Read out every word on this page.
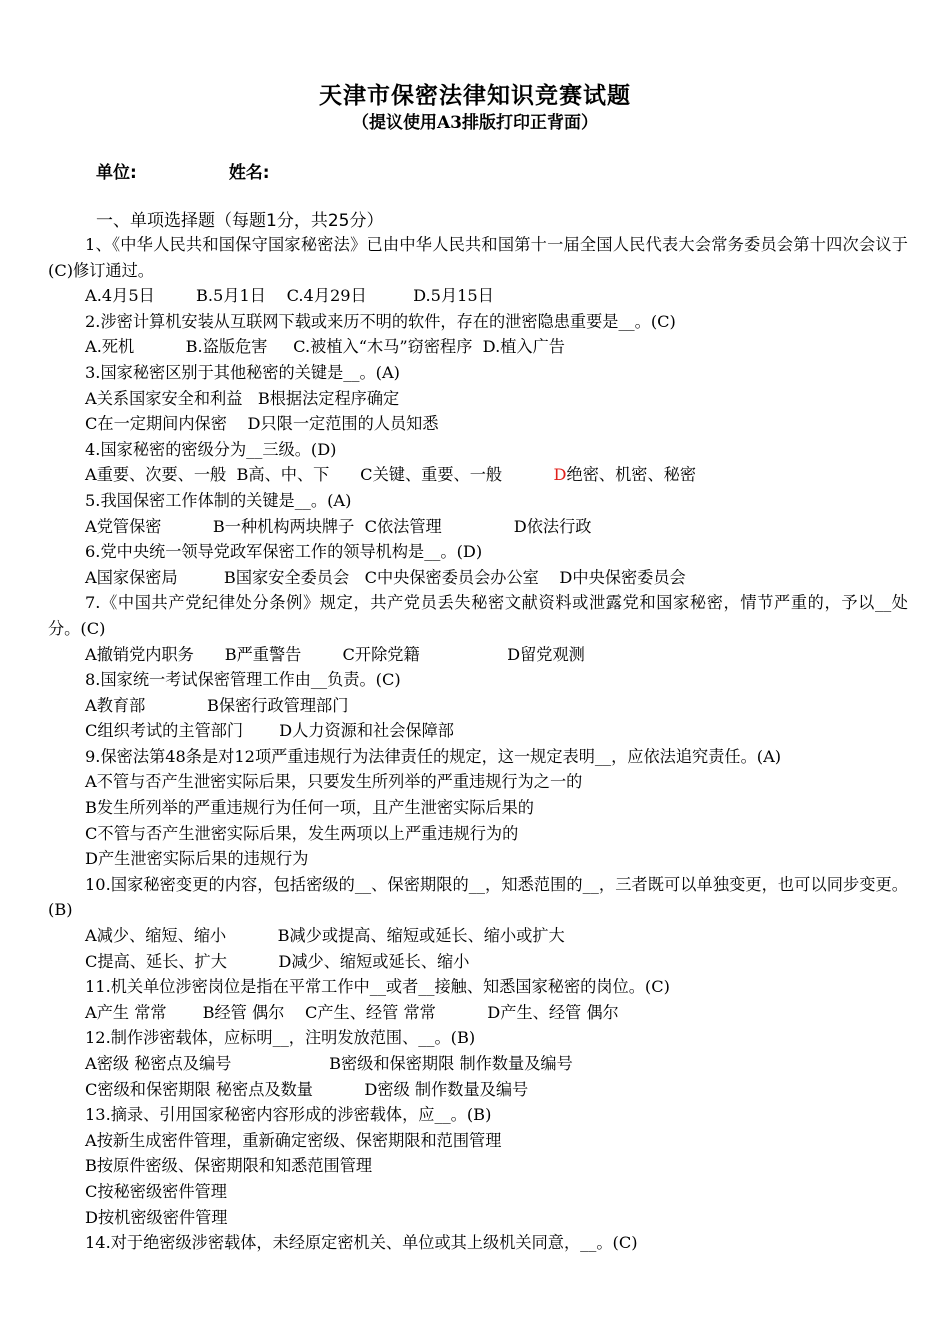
天津市保密法律知识竞赛试题
（提议使用A3排版打印正背面）
单位:	姓名:
一、单项选择题（每题1分，共25分）

1、《中华人民共和国保守国家秘密法》已由中华人民共和国第十一届全国人民代表大会常务委员会第十四次会议于(C)修订通过。

A.4月5日        B.5月1日    C.4月29日         D.5月15日

2.涉密计算机安装从互联网下载或来历不明的软件，存在的泄密隐患重要是__。(C)

A.死机          B.盗版危害     C.被植入“木马”窃密程序  D.植入广告

3.国家秘密区别于其他秘密的关键是__。(A)

A关系国家安全和利益   B根据法定程序确定

C在一定期间内保密    D只限一定范围的人员知悉

4.国家秘密的密级分为__三级。(D)

A重要、次要、一般  B高、中、下      C关键、重要、一般          D绝密、机密、秘密

5.我国保密工作体制的关键是__。(A)

A党管保密          B一种机构两块牌子  C依法管理              D依法行政

6.党中央统一领导党政军保密工作的领导机构是__。(D)

A国家保密局         B国家安全委员会   C中央保密委员会办公室    D中央保密委员会

7.《中国共产党纪律处分条例》规定，共产党员丢失秘密文献资料或泄露党和国家秘密，情节严重的，予以__处分。(C)

A撤销党内职务      B严重警告        C开除党籍                 D留党观测

8.国家统一考试保密管理工作由__负责。(C)

A教育部            B保密行政管理部门

C组织考试的主管部门       D人力资源和社会保障部

9.保密法第48条是对12项严重违规行为法律责任的规定，这一规定表明__，应依法追究责任。(A)

A不管与否产生泄密实际后果，只要发生所列举的严重违规行为之一的

B发生所列举的严重违规行为任何一项，且产生泄密实际后果的

C不管与否产生泄密实际后果，发生两项以上严重违规行为的

D产生泄密实际后果的违规行为

10.国家秘密变更的内容，包括密级的__、保密期限的__，知悉范围的__，三者既可以单独变更，也可以同步变更。(B)

A减少、缩短、缩小          B减少或提高、缩短或延长、缩小或扩大

C提高、延长、扩大          D减少、缩短或延长、缩小

11.机关单位涉密岗位是指在平常工作中__或者__接触、知悉国家秘密的岗位。(C)

A产生 常常       B经管 偶尔    C产生、经管 常常          D产生、经管 偶尔

12.制作涉密载体，应标明__，注明发放范围、__。(B)

A密级 秘密点及编号                   B密级和保密期限 制作数量及编号

C密级和保密期限 秘密点及数量          D密级 制作数量及编号

13.摘录、引用国家秘密内容形成的涉密载体，应__。(B)

A按新生成密件管理，重新确定密级、保密期限和范围管理

B按原件密级、保密期限和知悉范围管理

C按秘密级密件管理

D按机密级密件管理

14.对于绝密级涉密载体，未经原定密机关、单位或其上级机关同意，__。(C)
